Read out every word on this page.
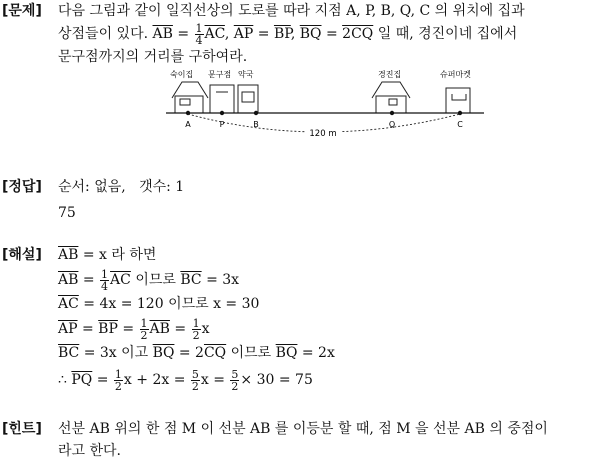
[문제] 다음 그림과 같이 일직선상의 도로를 따라 지점 A, P, B, Q, C 의 위치에 집과
상점들이 있다. $\overline{AB} = \frac{1}{4} \overline{AC}$, $\overline{AP} = \overline{BP}$, $\overline{BQ} = 2CQ$ 일 때, 경진이네 집에서
문구점까지의 거리를 구하여라.
숙이집 문구점 약국	경진집	슈퍼마켓
A	P	B	Q	C
120 m
[정답] 순서: 없음, 갯수: 1
75
[해설] $\overline{AB} = x$ 라 하면
$\overline{AB} = \frac{1}{4} \overline{AC}$ 이므로 $\overline{BC} = 3x$
$\overline{AC} = 4x = 120$ 이므로 x = 30
$\overline{AP} = \overline{BP} = \frac{1}{2} \overline{AB} = \frac{1}{2}$ x
$\overline{BC} = 3x$ 이고 $\overline{BQ} = 2\overline{CQ}$ 이므로 $\overline{BQ} = 2x$
∴ $\overline{PQ} = \frac{1}{2}$ $x + 2x = \frac{5}{2}$ $x = \frac{5}{2} \times 30 = 75$
[힌트] 선분 AB 위의 한 점 M 이 선분 AB 를 이등분 할 때, 점 M 을 선분 AB 의 중점이
라고 한다.
